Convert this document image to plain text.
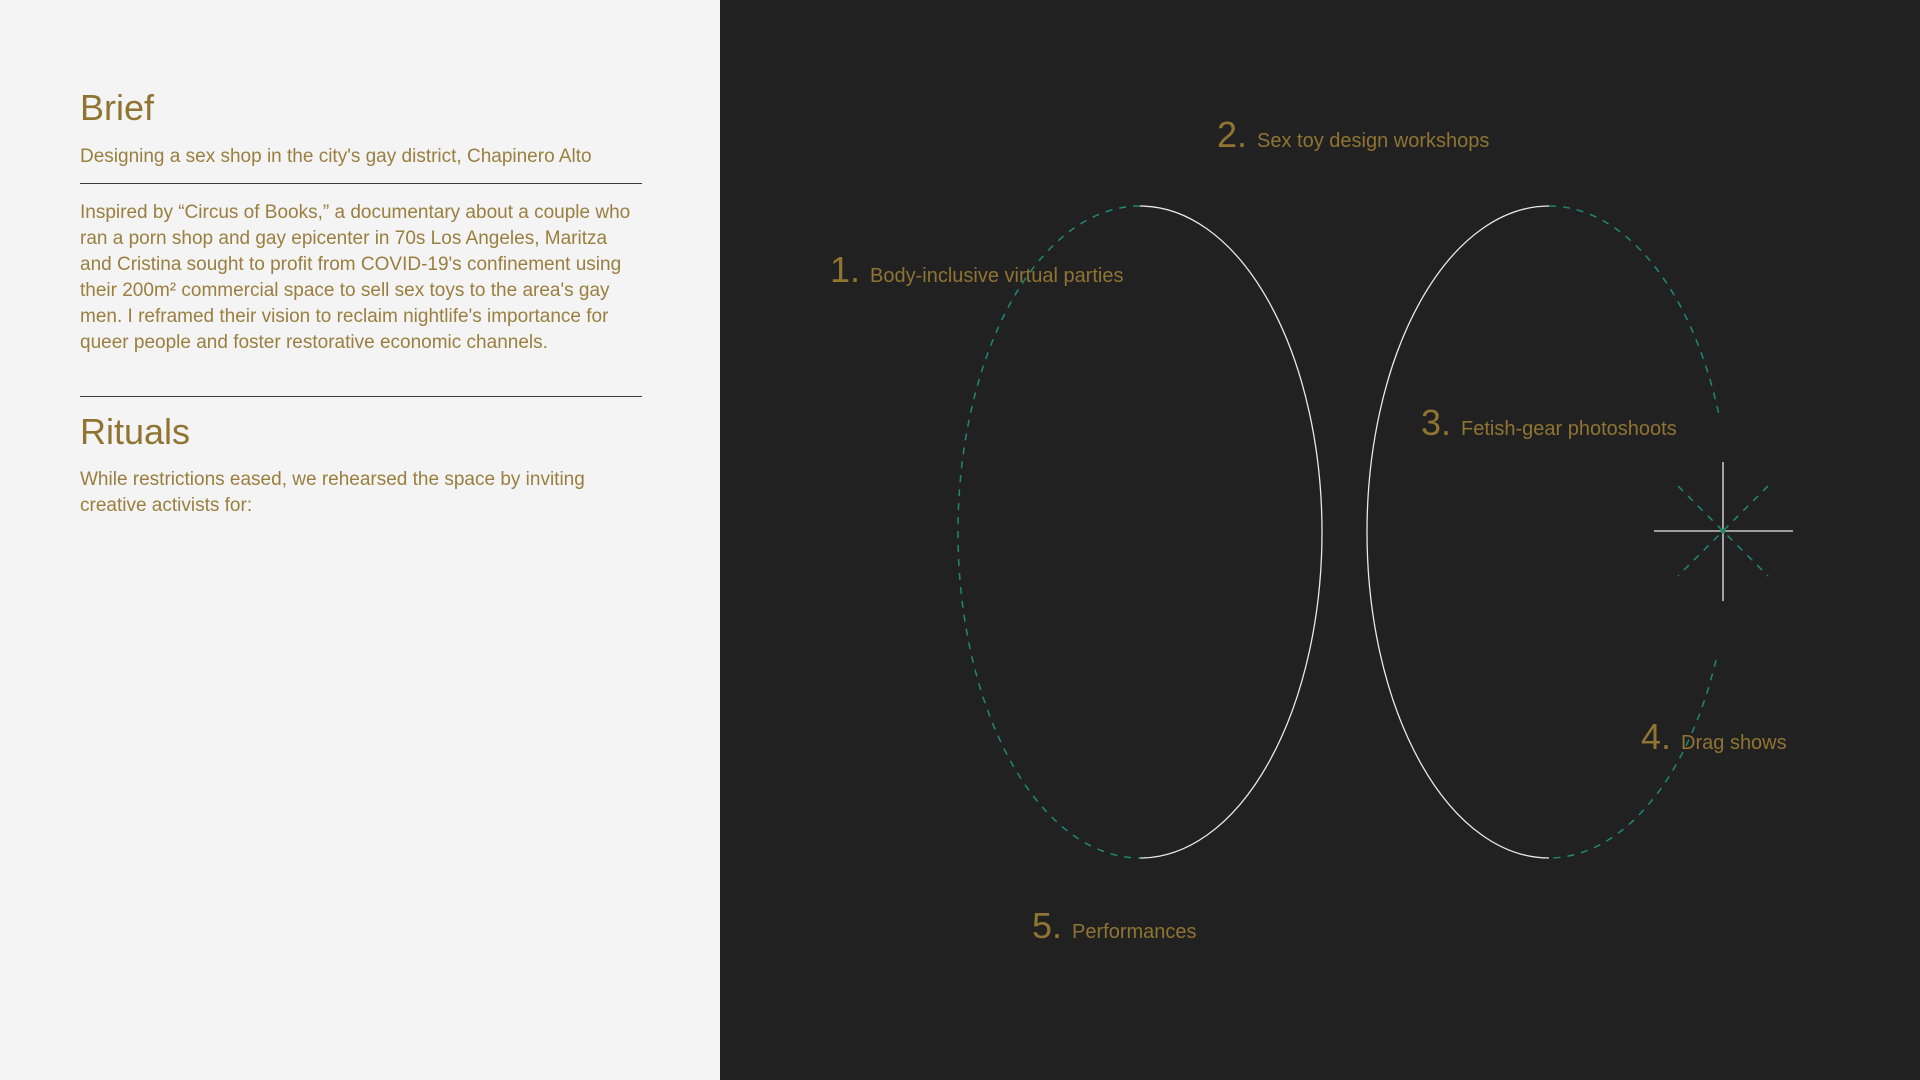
Brief
Designing a sex shop in the city's gay district, Chapinero Alto
Inspired by “Circus of Books,” a documentary about a couple who ran a porn shop and gay epicenter in 70s Los Angeles, Maritza and Cristina sought to profit from COVID-19's confinement using their 200m² commercial space to sell sex toys to the area's gay men. I reframed their vision to reclaim nightlife's importance for queer people and foster restorative economic channels.
Rituals
While restrictions eased, we rehearsed the space by inviting creative activists for:
1. Body-inclusive virtual parties
2. Sex toy design workshops
3. Fetish-gear photoshoots
4. Drag shows
5. Performances
